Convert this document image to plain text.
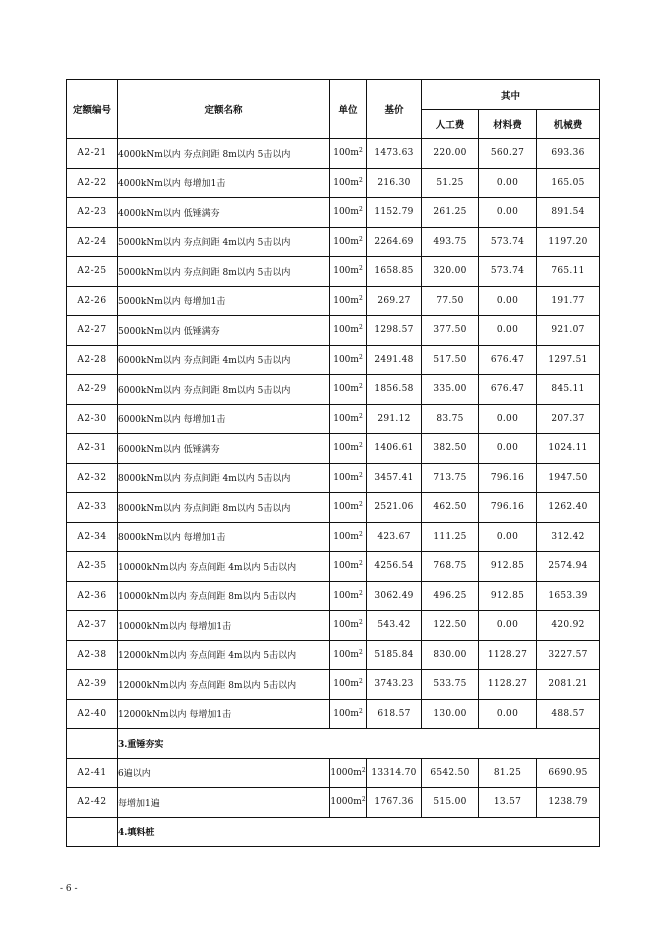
定额编号	定额名称	单位	基价	其中		
				人工费	材料费	机械费
A2-21	4000kNm以内 夯点间距 8m以内 5击以内	$100m^2$	1473.63	220.00	560.27	693.36
A2-22	4000kNm以内 每增加1击	$100m^2$	216.30	51.25	0.00	165.05
A2-23	4000kNm以内 低锤满夯	$100m^2$	1152.79	261.25	0.00	891.54
A2-24	5000kNm以内 夯点间距 4m以内 5击以内	$100m^2$	2264.69	493.75	573.74	1197.20
A2-25	5000kNm以内 夯点间距 8m以内 5击以内	$100m^2$	1658.85	320.00	573.74	765.11
A2-26	5000kNm以内 每增加1击	$100m^2$	269.27	77.50	0.00	191.77
A2-27	5000kNm以内 低锤满夯	$100m^2$	1298.57	377.50	0.00	921.07
A2-28	6000kNm以内 夯点间距 4m以内 5击以内	$100m^2$	2491.48	517.50	676.47	1297.51
A2-29	6000kNm以内 夯点间距 8m以内 5击以内	$100m^2$	1856.58	335.00	676.47	845.11
A2-30	6000kNm以内 每增加1击	$100m^2$	291.12	83.75	0.00	207.37
A2-31	6000kNm以内 低锤满夯	$100m^2$	1406.61	382.50	0.00	1024.11
A2-32	8000kNm以内 夯点间距 4m以内 5击以内	$100m^2$	3457.41	713.75	796.16	1947.50
A2-33	8000kNm以内 夯点间距 8m以内 5击以内	$100m^2$	2521.06	462.50	796.16	1262.40
A2-34	8000kNm以内 每增加1击	$100m^2$	423.67	111.25	0.00	312.42
A2-35	10000kNm以内 夯点间距 4m以内 5击以内	$100m^2$	4256.54	768.75	912.85	2574.94
A2-36	10000kNm以内 夯点间距 8m以内 5击以内	$100m^2$	3062.49	496.25	912.85	1653.39
A2-37	10000kNm以内 每增加1击	$100m^2$	543.42	122.50	0.00	420.92
A2-38	12000kNm以内 夯点间距 4m以内 5击以内	$100m^2$	5185.84	830.00	1128.27	3227.57
A2-39	12000kNm以内 夯点间距 8m以内 5击以内	$100m^2$	3743.23	533.75	1128.27	2081.21
A2-40	12000kNm以内 每增加1击	$100m^2$	618.57	130.00	0.00	488.57
	3.重锤夯实					
A2-41	6遍以内	$1000m^2$	13314.70	6542.50	81.25	6690.95
A2-42	每增加1遍	$1000m^2$	1767.36	515.00	13.57	1238.79
	4.填料桩					
- 6 -
